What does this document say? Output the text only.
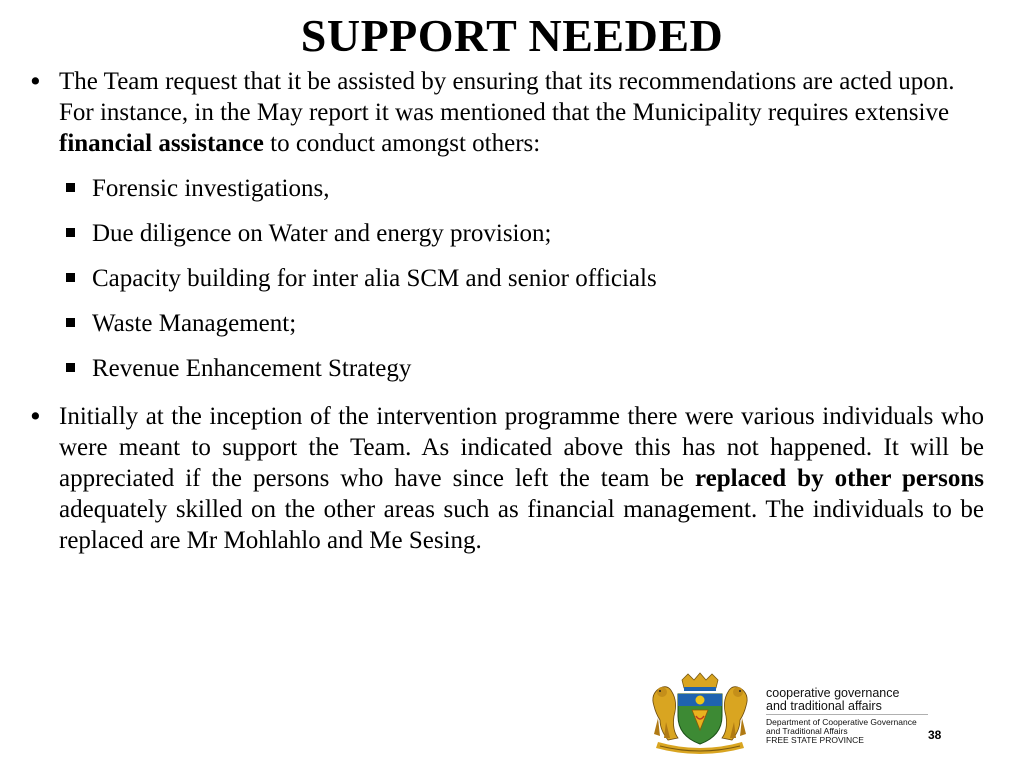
SUPPORT NEEDED
• The Team request that it be assisted by ensuring that its recommendations are acted upon. For instance, in the May report it was mentioned that the Municipality requires extensive financial assistance to conduct amongst others:
Forensic investigations,
Due diligence on Water and energy provision;
Capacity building for inter alia SCM and senior officials
Waste Management;
Revenue Enhancement Strategy
• Initially at the inception of the intervention programme there were various individuals who were meant to support the Team. As indicated above this has not happened. It will be appreciated if the persons who have since left the team be replaced by other persons adequately skilled on the other areas such as financial management. The individuals to be replaced are Mr Mohlahlo and Me Sesing.
cooperative governance
and traditional affairs
Department of Cooperative Governance
and Traditional Affairs
FREE STATE PROVINCE	38
